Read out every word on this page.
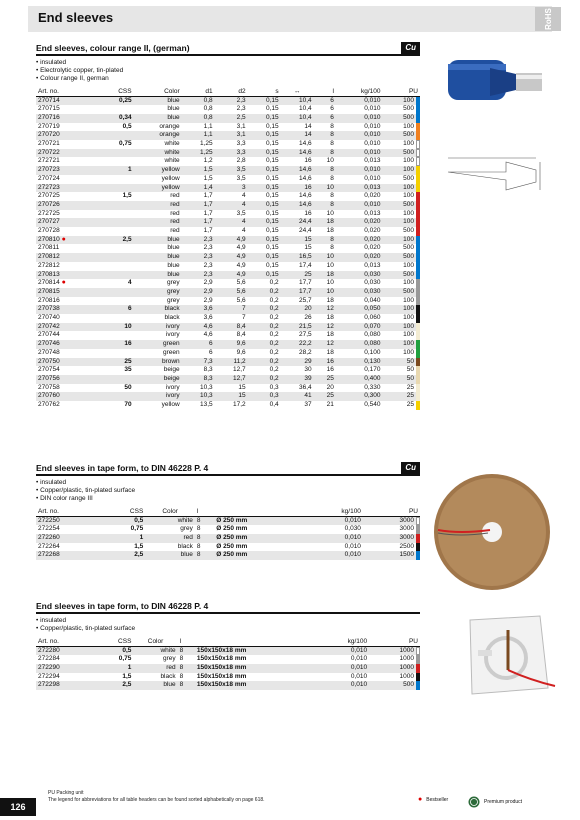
End sleeves	RoHS
End sleeves, colour range II, (german)	Cu
• insulated
• Electrolytic copper, tin-plated
• Colour range II, german
Art. no.	CSS	Color	d1	d2	s	↔	l	kg/100	PU
270714	0,25	blue	0,8	2,3	0,15	10,4	6	0,010	100

270715		blue	0,8	2,3	0,15	10,4	6	0,010	500

270716	0,34	blue	0,8	2,5	0,15	10,4	6	0,010	500

270719	0,5	orange	1,1	3,1	0,15	14	8	0,010	100

270720		orange	1,1	3,1	0,15	14	8	0,010	500

270721	0,75	white	1,25	3,3	0,15	14,6	8	0,010	100

270722		white	1,25	3,3	0,15	14,6	8	0,010	500

272721		white	1,2	2,8	0,15	16	10	0,013	100

270723	1	yellow	1,5	3,5	0,15	14,6	8	0,010	100

270724		yellow	1,5	3,5	0,15	14,6	8	0,010	500

272723		yellow	1,4	3	0,15	16	10	0,013	100

270725	1,5	red	1,7	4	0,15	14,6	8	0,020	100

270726		red	1,7	4	0,15	14,6	8	0,010	500

272725		red	1,7	3,5	0,15	16	10	0,013	100

270727		red	1,7	4	0,15	24,4	18	0,020	100

270728		red	1,7	4	0,15	24,4	18	0,020	500

270810 ●	2,5	blue	2,3	4,9	0,15	15	8	0,020	100

270811		blue	2,3	4,9	0,15	15	8	0,020	500

270812		blue	2,3	4,9	0,15	16,5	10	0,020	500

272812		blue	2,3	4,9	0,15	17,4	10	0,013	100

270813		blue	2,3	4,9	0,15	25	18	0,030	500

270814 ●	4	grey	2,9	5,6	0,2	17,7	10	0,030	100

270815		grey	2,9	5,6	0,2	17,7	10	0,030	500

270816		grey	2,9	5,6	0,2	25,7	18	0,040	100

270738	6	black	3,6	7	0,2	20	12	0,050	100

270740		black	3,6	7	0,2	26	18	0,060	100

270742	10	ivory	4,6	8,4	0,2	21,5	12	0,070	100

270744		ivory	4,6	8,4	0,2	27,5	18	0,080	100

270746	16	green	6	9,6	0,2	22,2	12	0,080	100

270748		green	6	9,6	0,2	28,2	18	0,100	100

270750	25	brown	7,3	11,2	0,2	29	16	0,130	50

270754	35	beige	8,3	12,7	0,2	30	16	0,170	50

270756		beige	8,3	12,7	0,2	39	25	0,400	50

270758	50	ivory	10,3	15	0,3	36,4	20	0,330	25

270760		ivory	10,3	15	0,3	41	25	0,300	25

270762	70	yellow	13,5	17,2	0,4	37	21	0,540	25
End sleeves in tape form, to DIN 46228 P. 4	Cu
• insulated
• Copper/plastic, tin-plated surface
• DIN color range III
Art. no.	CSS	Color	l		kg/100	PU
272250	0,5	white	8	Ø 250 mm	0,010	3000

272254	0,75	grey	8	Ø 250 mm	0,030	3000

272260	1	red	8	Ø 250 mm	0,010	3000

272264	1,5	black	8	Ø 250 mm	0,010	2500

272268	2,5	blue	8	Ø 250 mm	0,010	1500
End sleeves in tape form, to DIN 46228 P. 4
• insulated
• Copper/plastic, tin-plated surface
Art. no.	CSS	Color	l		kg/100	PU
272280	0,5	white	8	150x150x18 mm	0,010	1000

272284	0,75	grey	8	150x150x18 mm	0,010	1000

272290	1	red	8	150x150x18 mm	0,010	1000

272294	1,5	black	8	150x150x18 mm	0,010	1000

272298	2,5	blue	8	150x150x18 mm	0,010	500
PU Packing unit
The legend for abbreviations for all table headers can be found sorted alphabetically on page 618.
126
● Bestseller	Premium product
